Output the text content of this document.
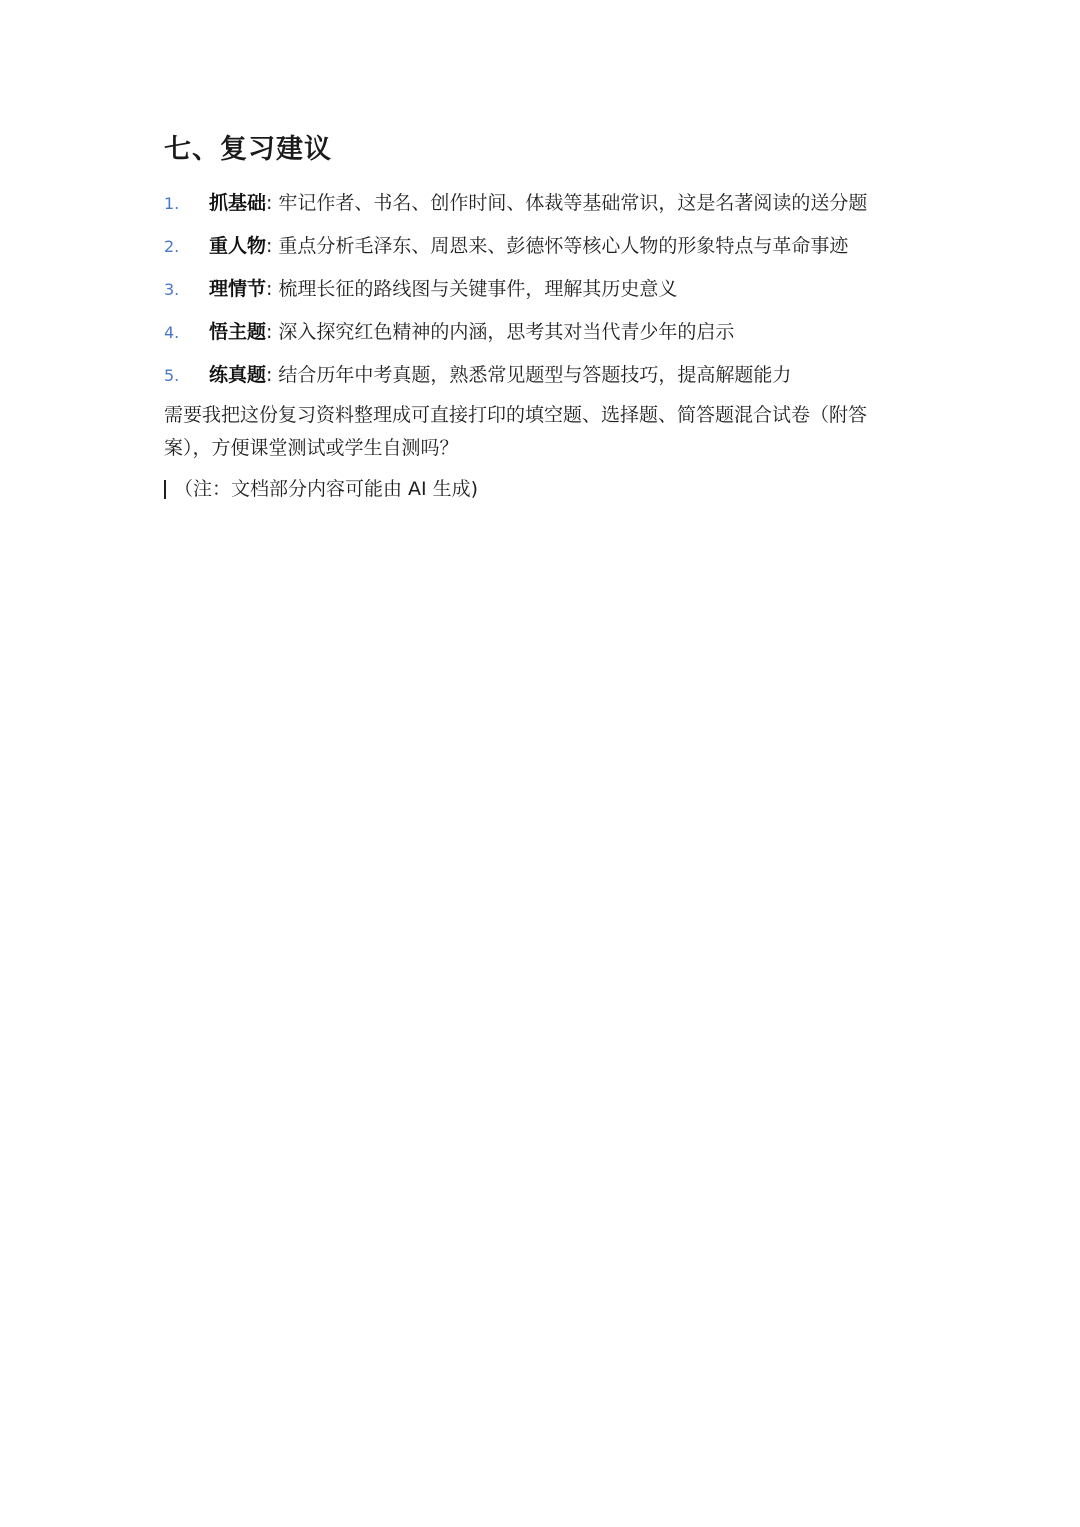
七、复习建议
1.	抓基础: 牢记作者、书名、创作时间、体裁等基础常识，这是名著阅读的送分题
2.	重人物: 重点分析毛泽东、周恩来、彭德怀等核心人物的形象特点与革命事迹
3.	理情节: 梳理长征的路线图与关键事件，理解其历史意义
4.	悟主题: 深入探究红色精神的内涵，思考其对当代青少年的启示
5.	练真题: 结合历年中考真题，熟悉常见题型与答题技巧，提高解题能力

需要我把这份复习资料整理成可直接打印的填空题、选择题、简答题混合试卷（附答案），方便课堂测试或学生自测吗？

（注：文档部分内容可能由 AI 生成)
